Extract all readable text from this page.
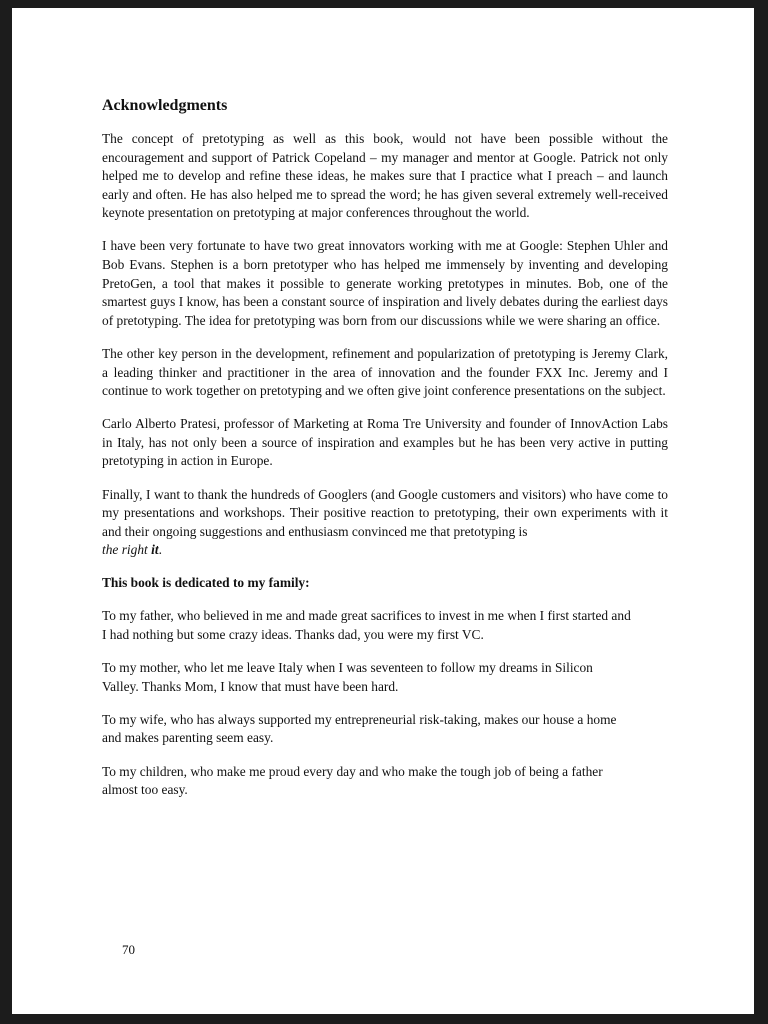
Acknowledgments

The concept of pretotyping as well as this book, would not have been possible without the encouragement and support of Patrick Copeland – my manager and mentor at Google. Patrick not only helped me to develop and refine these ideas, he makes sure that I practice what I preach – and launch early and often. He has also helped me to spread the word; he has given several extremely well-received keynote presentation on pretotyping at major conferences throughout the world.

I have been very fortunate to have two great innovators working with me at Google: Stephen Uhler and Bob Evans. Stephen is a born pretotyper who has helped me immensely by inventing and developing PretoGen, a tool that makes it possible to generate working pretotypes in minutes. Bob, one of the smartest guys I know, has been a constant source of inspiration and lively debates during the earliest days of pretotyping. The idea for pretotyping was born from our discussions while we were sharing an office.

The other key person in the development, refinement and popularization of pretotyping is Jeremy Clark, a leading thinker and practitioner in the area of innovation and the founder FXX Inc. Jeremy and I continue to work together on pretotyping and we often give joint conference presentations on the subject.

Carlo Alberto Pratesi, professor of Marketing at Roma Tre University and founder of InnovAction Labs in Italy, has not only been a source of inspiration and examples but he has been very active in putting pretotyping in action in Europe.

Finally, I want to thank the hundreds of Googlers (and Google customers and visitors) who have come to my presentations and workshops. Their positive reaction to pretotyping, their own experiments with it and their ongoing suggestions and enthusiasm convinced me that pretotyping is
the right it.

This book is dedicated to my family:

To my father, who believed in me and made great sacrifices to invest in me when I first started and I had nothing but some crazy ideas. Thanks dad, you were my first VC.

To my mother, who let me leave Italy when I was seventeen to follow my dreams in Silicon Valley. Thanks Mom, I know that must have been hard.

To my wife, who has always supported my entrepreneurial risk-taking, makes our house a home and makes parenting seem easy.

To my children, who make me proud every day and who make the tough job of being a father almost too easy.

70
